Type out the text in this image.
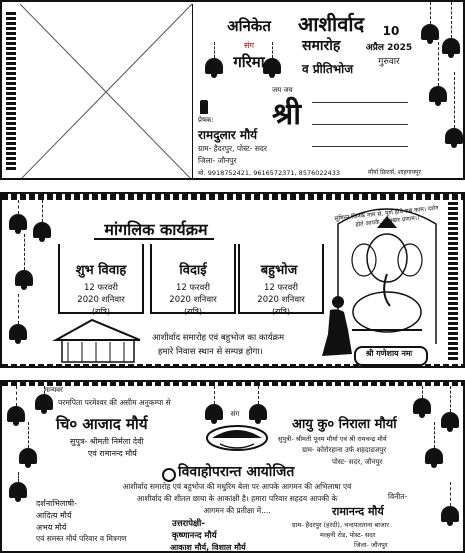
अनिकेत
संग
गरिमा
आशीर्वाद
समारोह
व प्रीतिभोज
10
अप्रैल 2025
गुरुवार
जय जय
श्री
प्रेषक:
रामदुलार मौर्य
ग्राम- हैदरपुर, पोस्ट- सदर
जिला- जौनपुर
मो. 9918752421, 9616572371, 8576022433	मौर्या प्रिन्टर्स, शाहगायपुर
मांगलिक कार्यक्रम
शुभ विवाह
12 फरवरी
2020 शनिवार
(रात्रि)
विदाई
12 फरवरी
2020 शनिवार
(रात्रि)
बहुभोज
12 फरवरी
2020 शनिवार
(रात्रि)
आशीर्वाद समारोह एवं बहुभोज का कार्यक्रम
हमारे निवास स्थान से सम्पन्न होगा।
सुमिरन जिनके नाम से, पूर्ण होवे सब काम। दर्शन होते आपके, बारम्बार प्रणाम।।
श्री गणेशाय नमः
मान्यवर
परमपिता परमेश्वर की असीम अनुकम्पा से
चि० आजाद मौर्य
सुपुत्र- श्रीमती निर्मला देवी
एवं रामानन्द मौर्य
संग
आयु कु० निराला मौर्या
सुपुत्री- श्रीमती पूनम मौर्या एवं श्री रामचन्द्र मौर्य
ग्राम- कोरोरहाना उर्फ शहदाडजपुर
पोस्ट- सदर, जौनपुर
विवाहोपरान्त आयोजित
आशीर्वाद समारोह एवं बहुभोज की मधुरिम बेला पर आपके आगमन की अभिलाषा एवं
आशीर्वाद की शीतल छाया के आकांक्षी है। हमारा परिवार सहदय आपकी के
आगमन की प्रतीक्षा में....
दर्शनाभिलाषी-
आदित्य मौर्य
अभय मौर्य
एवं समस्त मौर्य परिवार व मित्रगण
उत्तरापेक्षी-
कृष्णानन्द मौर्य
आकाश मौर्य, विशाल मौर्य
विनीत-
रामानन्द मौर्य
ग्राम- हैदरपुर (हरदी), चन्दपलताना बाजार
मल्हनी रोड, पोस्ट- सदर
जिला- जौनपुर
